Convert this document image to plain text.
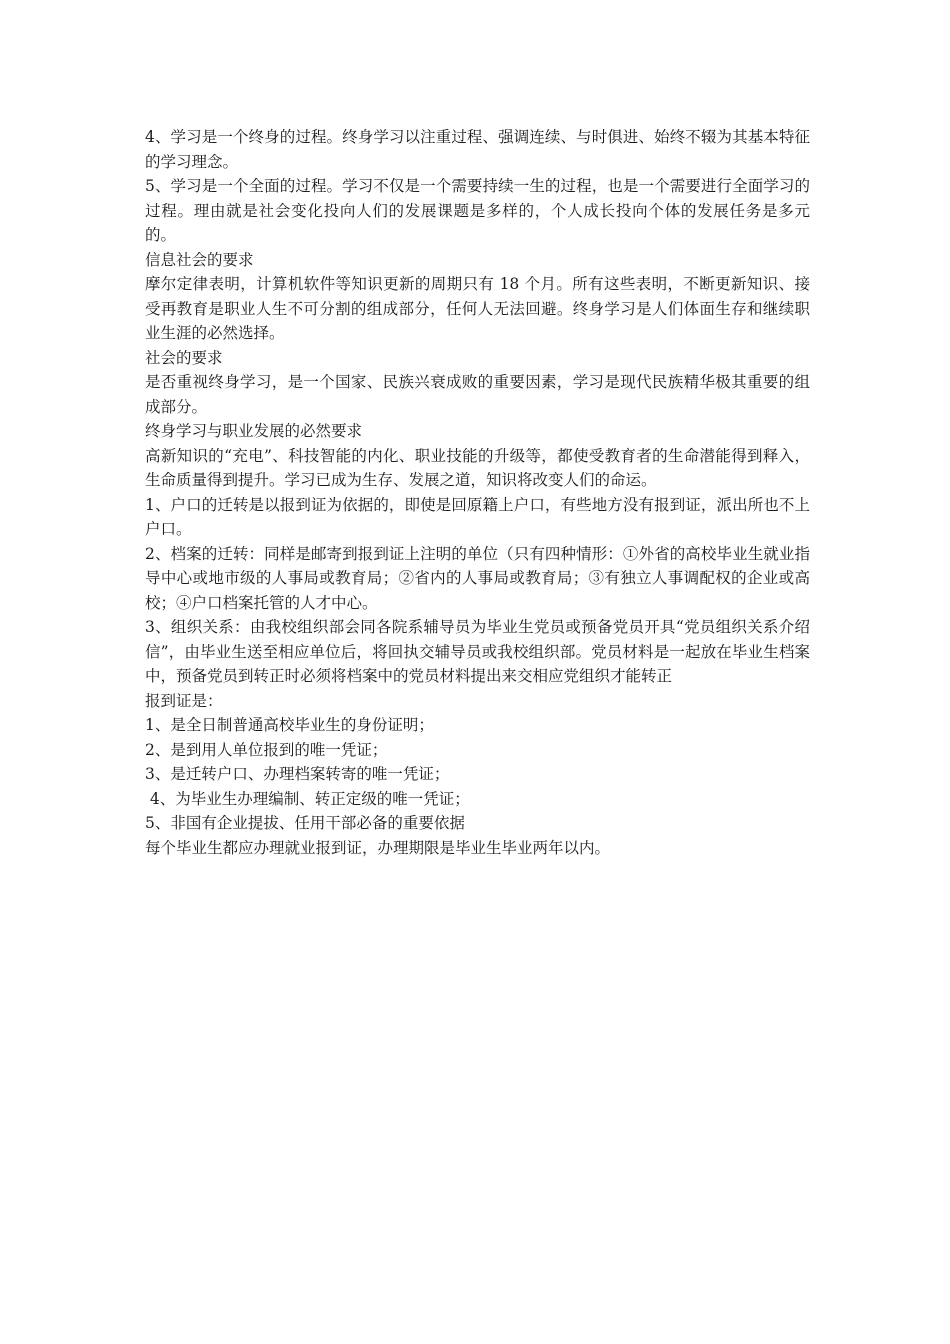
4、学习是一个终身的过程。终身学习以注重过程、强调连续、与时俱进、始终不辍为其基本特征的学习理念。

5、学习是一个全面的过程。学习不仅是一个需要持续一生的过程，也是一个需要进行全面学习的过程。理由就是社会变化投向人们的发展课题是多样的，个人成长投向个体的发展任务是多元的。

信息社会的要求

摩尔定律表明，计算机软件等知识更新的周期只有 18 个月。所有这些表明，不断更新知识、接受再教育是职业人生不可分割的组成部分，任何人无法回避。终身学习是人们体面生存和继续职业生涯的必然选择。

社会的要求

是否重视终身学习，是一个国家、民族兴衰成败的重要因素，学习是现代民族精华极其重要的组成部分。

终身学习与职业发展的必然要求

高新知识的“充电”、科技智能的内化、职业技能的升级等，都使受教育者的生命潜能得到释入，生命质量得到提升。学习已成为生存、发展之道，知识将改变人们的命运。

1、户口的迁转是以报到证为依据的，即使是回原籍上户口，有些地方没有报到证，派出所也不上户口。

2、档案的迁转：同样是邮寄到报到证上注明的单位（只有四种情形：①外省的高校毕业生就业指导中心或地市级的人事局或教育局；②省内的人事局或教育局；③有独立人事调配权的企业或高校；④户口档案托管的人才中心。

3、组织关系：由我校组织部会同各院系辅导员为毕业生党员或预备党员开具“党员组织关系介绍信”，由毕业生送至相应单位后，将回执交辅导员或我校组织部。党员材料是一起放在毕业生档案中，预备党员到转正时必须将档案中的党员材料提出来交相应党组织才能转正

报到证是：

1、是全日制普通高校毕业生的身份证明；

2、是到用人单位报到的唯一凭证；

3、是迁转户口、办理档案转寄的唯一凭证；

4、为毕业生办理编制、转正定级的唯一凭证；

5、非国有企业提拔、任用干部必备的重要依据

每个毕业生都应办理就业报到证，办理期限是毕业生毕业两年以内。
